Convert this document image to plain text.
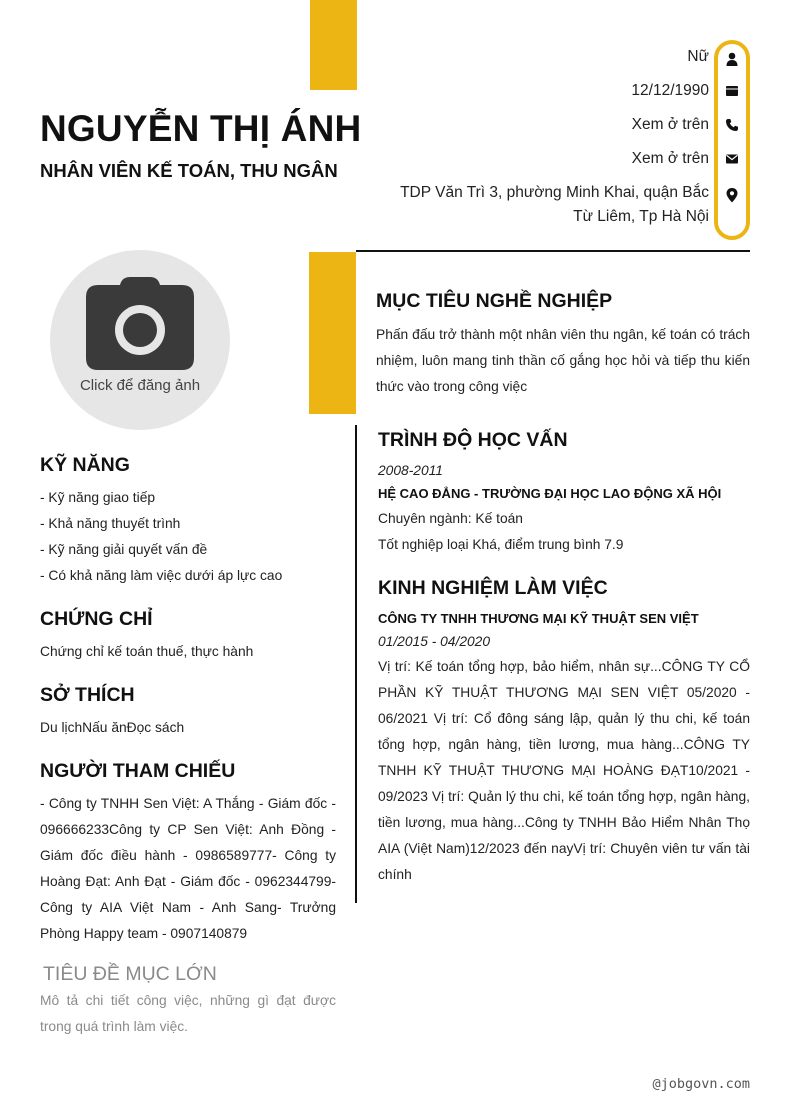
NGUYỄN THỊ ÁNH
NHÂN VIÊN KẾ TOÁN, THU NGÂN
Nữ
12/12/1990
Xem ở trên
Xem ở trên
TDP Văn Trì 3, phường Minh Khai, quận Bắc
Từ Liêm, Tp Hà Nội
Click để đăng ảnh
MỤC TIÊU NGHỀ NGHIỆP
Phấn đấu trở thành một nhân viên thu ngân, kế toán có trách nhiệm, luôn mang tinh thần cố gắng học hỏi và tiếp thu kiến thức vào trong công việc
KỸ NĂNG
- Kỹ năng giao tiếp
- Khả năng thuyết trình
- Kỹ năng giải quyết vấn đề
- Có khả năng làm việc dưới áp lực cao
CHỨNG CHỈ
Chứng chỉ kế toán thuế, thực hành
SỞ THÍCH
Du lịchNấu ănĐọc sách
NGƯỜI THAM CHIẾU
- Công ty TNHH Sen Việt: A Thắng - Giám đốc - 096666233Công ty CP Sen Việt: Anh Đồng - Giám đốc điều hành - 0986589777- Công ty Hoàng Đạt: Anh Đạt - Giám đốc - 0962344799- Công ty AIA Việt Nam - Anh Sang- Trưởng Phòng Happy team - 0907140879
TIÊU ĐỀ MỤC LỚN
Mô tả chi tiết công việc, những gì đạt được trong quá trình làm việc.
TRÌNH ĐỘ HỌC VẤN
2008-2011
HỆ CAO ĐẲNG - TRƯỜNG ĐẠI HỌC LAO ĐỘNG XÃ HỘI
Chuyên ngành: Kế toán
Tốt nghiệp loại Khá, điểm trung bình 7.9
KINH NGHIỆM LÀM VIỆC
CÔNG TY TNHH THƯƠNG MẠI KỸ THUẬT SEN VIỆT
01/2015 - 04/2020
Vị trí: Kế toán tổng hợp, bảo hiểm, nhân sự...CÔNG TY CỔ PHẦN KỸ THUẬT THƯƠNG MẠI SEN VIỆT 05/2020 - 06/2021 Vị trí: Cổ đông sáng lập, quản lý thu chi, kế toán tổng hợp, ngân hàng, tiền lương, mua hàng...CÔNG TY TNHH KỸ THUẬT THƯƠNG MẠI HOÀNG ĐẠT10/2021 - 09/2023 Vị trí: Quản lý thu chi, kế toán tổng hợp, ngân hàng, tiền lương, mua hàng...Công ty TNHH Bảo Hiểm Nhân Thọ AIA (Việt Nam)12/2023 đến nayVị trí: Chuyên viên tư vấn tài chính
@jobgovn.com
